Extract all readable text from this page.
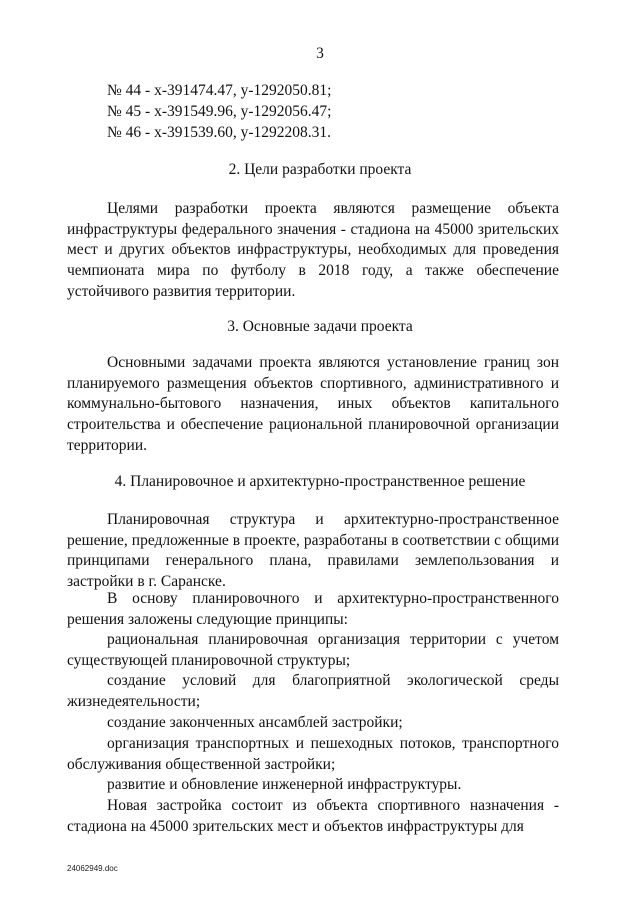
3
№ 44 - x-391474.47, y-1292050.81;
№ 45 - x-391549.96, y-1292056.47;
№ 46 - x-391539.60, y-1292208.31.
2. Цели разработки проекта
Целями разработки проекта являются размещение объекта инфраструктуры федерального значения - стадиона на 45000 зрительских мест и других объектов инфраструктуры, необходимых для проведения чемпионата мира по футболу в 2018 году, а также обеспечение устойчивого развития территории.
3. Основные задачи проекта
Основными задачами проекта являются установление границ зон планируемого размещения объектов спортивного, административного и коммунально-бытового назначения, иных объектов капитального строительства и обеспечение рациональной планировочной организации территории.
4. Планировочное и архитектурно-пространственное решение
Планировочная структура и архитектурно-пространственное решение, предложенные в проекте, разработаны в соответствии с общими принципами генерального плана, правилами землепользования и застройки в г. Саранске.
В основу планировочного и архитектурно-пространственного решения заложены следующие принципы:
рациональная планировочная организация территории с учетом существующей планировочной структуры;
создание условий для благоприятной экологической среды жизнедеятельности;
создание законченных ансамблей застройки;
организация транспортных и пешеходных потоков, транспортного обслуживания общественной застройки;
развитие и обновление инженерной инфраструктуры.
Новая застройка состоит из объекта спортивного назначения - стадиона на 45000 зрительских мест и объектов инфраструктуры для
24062949.doc
